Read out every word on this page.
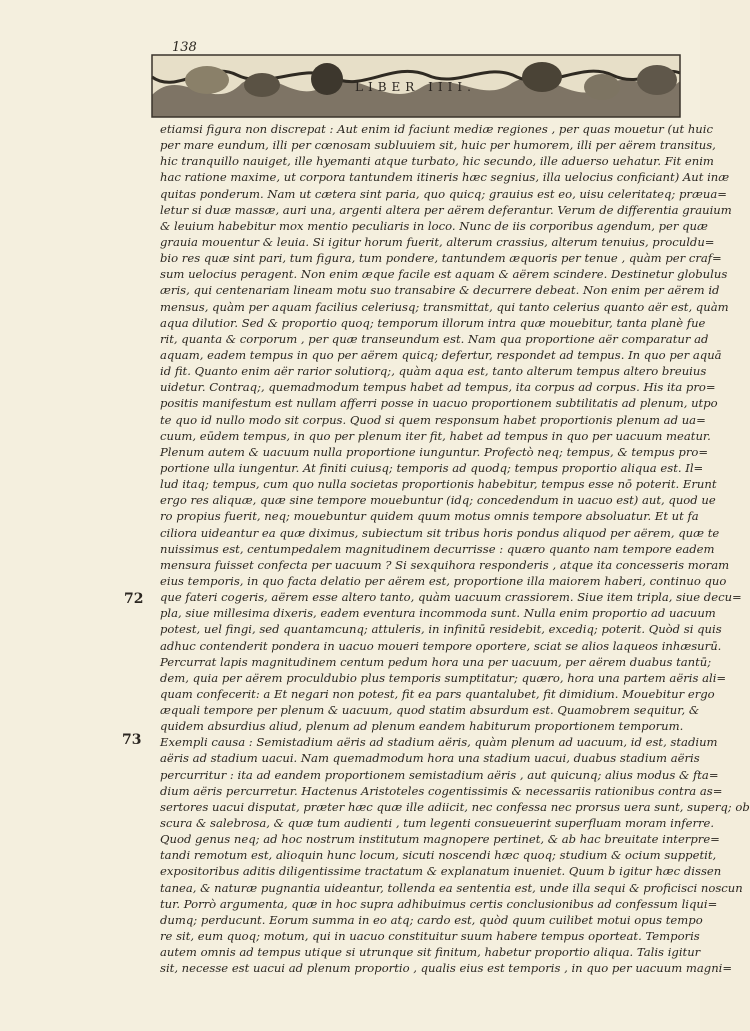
138
LIBER IIII.
72
73
etiamsi figura non discrepat : Aut enim id faciunt mediæ regiones , per quas mouetur (ut huic
per mare eundum, illi per cœnosam subluuiem sit, huic per humorem, illi per aërem transitus,
hic tranquillo nauiget, ille hyemanti atque turbato, hic secundo, ille aduerso uehatur. Fit enim
hac ratione maxime, ut corpora tantundem itineris hæc segnius, illa uelocius conficiant) Aut inæ
quitas ponderum. Nam ut cætera sint paria, quo quicq; grauius est eo, uisu celeritateq; præua=
letur si duæ massæ, auri una, argenti altera per aërem deferantur. Verum de differentia grauium
& leuium habebitur mox mentio peculiaris in loco. Nunc de iis corporibus agendum, per quæ
grauia mouentur & leuia. Si igitur horum fuerit, alterum crassius, alterum tenuius, proculdu=
bio res quæ sint pari, tum figura, tum pondere, tantundem æquoris per tenue , quàm per craf=
sum uelocius peragent. Non enim æque facile est aquam & aërem scindere. Destinetur globulus
æris, qui centenariam lineam motu suo transabire & decurrere debeat. Non enim per aërem id
mensus, quàm per aquam facilius celeriusq; transmittat, qui tanto celerius quanto aër est, quàm
aqua dilutior. Sed & proportio quoq; temporum illorum intra quæ mouebitur, tanta planè fue
rit, quanta & corporum , per quæ transeundum est. Nam qua proportione aër comparatur ad
aquam, eadem tempus in quo per aërem quicq; defertur, respondet ad tempus. In quo per aquā
id fit. Quanto enim aër rarior solutiorq;, quàm aqua est, tanto alterum tempus altero breuius
uidetur. Contraq;, quemadmodum tempus habet ad tempus, ita corpus ad corpus. His ita pro=
positis manifestum est nullam afferri posse in uacuo proportionem subtilitatis ad plenum, utpo
te quo id nullo modo sit corpus. Quod si quem responsum habet proportionis plenum ad ua=
cuum, eūdem tempus, in quo per plenum iter fit, habet ad tempus in quo per uacuum meatur.
Plenum autem & uacuum nulla proportione iunguntur. Profectò neq; tempus, & tempus pro=
portione ulla iungentur. At finiti cuiusq; temporis ad quodq; tempus proportio aliqua est. Il=
lud itaq; tempus, cum quo nulla societas proportionis habebitur, tempus esse nō poterit. Erunt
ergo res aliquæ, quæ sine tempore mouebuntur (idq; concedendum in uacuo est) aut, quod ue
ro propius fuerit, neq; mouebuntur quidem quum motus omnis tempore absoluatur. Et ut fa
ciliora uideantur ea quæ diximus, subiectum sit tribus horis pondus aliquod per aërem, quæ te
nuissimus est, centumpedalem magnitudinem decurrisse : quæro quanto nam tempore eadem
mensura fuisset confecta per uacuum ? Si sexquihora responderis , atque ita concesseris moram
eius temporis, in quo facta delatio per aërem est, proportione illa maiorem haberi, continuo quo
que fateri cogeris, aërem esse altero tanto, quàm uacuum crassiorem. Siue item tripla, siue decu=
pla, siue millesima dixeris, eadem eventura incommoda sunt. Nulla enim proportio ad uacuum
potest, uel fingi, sed quantamcunq; attuleris, in infinitū residebit, excediq; poterit. Quòd si quis
adhuc contenderit pondera in uacuo moueri tempore oportere, sciat se alios laqueos inhæsurū.
Percurrat lapis magnitudinem centum pedum hora una per uacuum, per aërem duabus tantū;
dem, quia per aërem proculdubio plus temporis sumptitatur; quæro, hora una partem aëris ali=
quam confecerit: a Et negari non potest, fit ea pars quantalubet, fit dimidium. Mouebitur ergo
æquali tempore per plenum & uacuum, quod statim absurdum est. Quamobrem sequitur, &
quidem absurdius aliud, plenum ad plenum eandem habiturum proportionem temporum.
Exempli causa : Semistadium aëris ad stadium aëris, quàm plenum ad uacuum, id est, stadium
aëris ad stadium uacui. Nam quemadmodum hora una stadium uacui, duabus stadium aëris
percurritur : ita ad eandem proportionem semistadium aëris , aut quicunq; alius modus & fta=
dium aëris percurretur. Hactenus Aristoteles cogentissimis & necessariis rationibus contra as=
sertores uacui disputat, præter hæc quæ ille adiicit, nec confessa nec prorsus uera sunt, superq; ob
scura & salebrosa, & quæ tum audienti , tum legenti consueuerint superfluam moram inferre.
Quod genus neq; ad hoc nostrum institutum magnopere pertinet, & ab hac breuitate interpre=
tandi remotum est, alioquin hunc locum, sicuti noscendi hæc quoq; studium & ocium suppetit,
expositoribus aditis diligentissime tractatum & explanatum inueniet. Quum b igitur hæc dissen
tanea, & naturæ pugnantia uideantur, tollenda ea sententia est, unde illa sequi & proficisci noscun
tur. Porrò argumenta, quæ in hoc supra adhibuimus certis conclusionibus ad confessum liqui=
dumq; perducunt. Eorum summa in eo atq; cardo est, quòd quum cuilibet motui opus tempo
re sit, eum quoq; motum, qui in uacuo constituitur suum habere tempus oporteat. Temporis
autem omnis ad tempus utique si utrunque sit finitum, habetur proportio aliqua. Talis igitur
sit, necesse est uacui ad plenum proportio , qualis eius est temporis , in quo per uacuum magni=
